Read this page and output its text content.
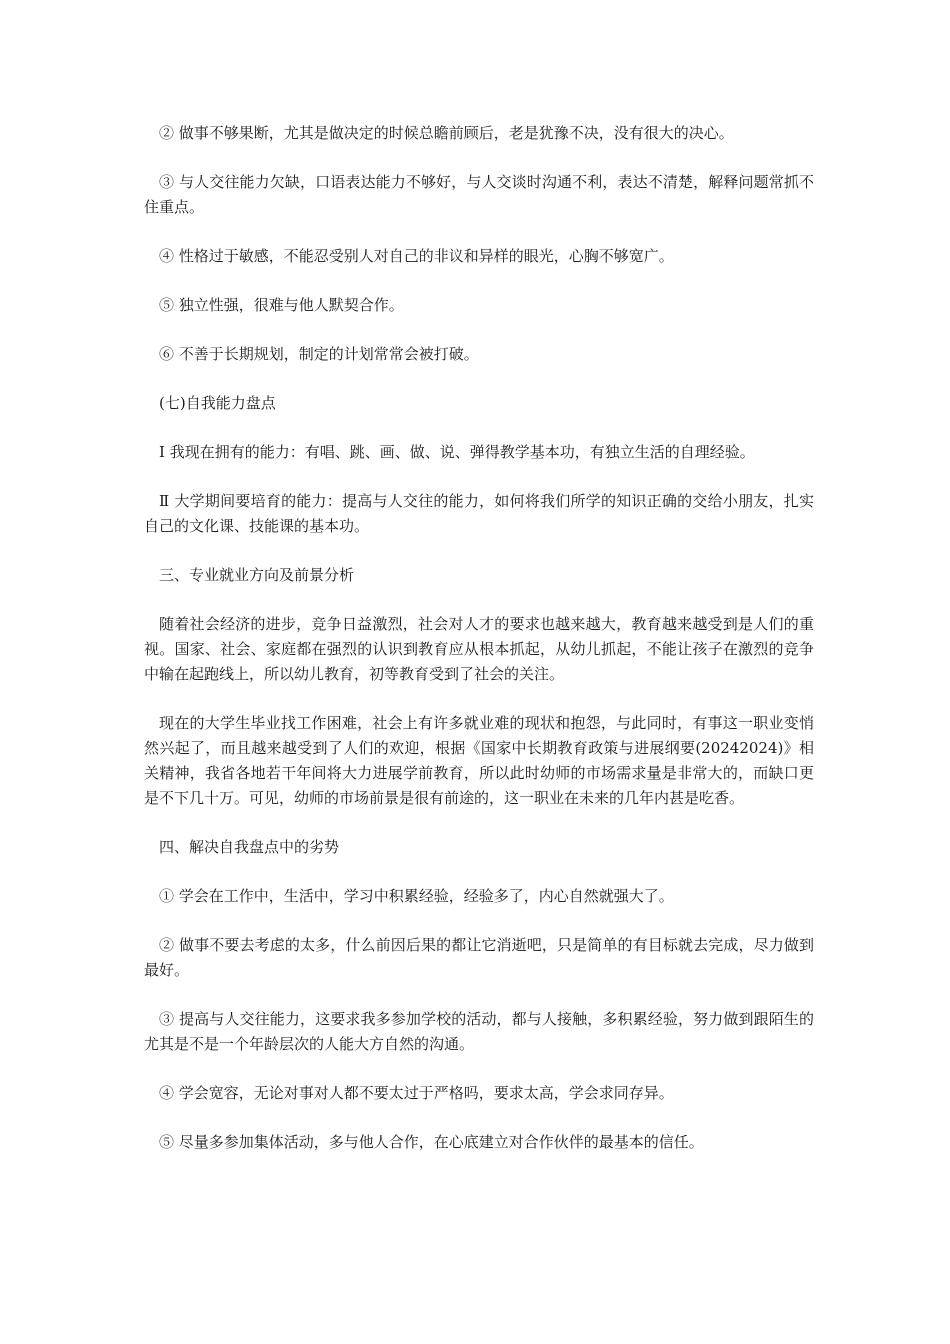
② 做事不够果断，尤其是做决定的时候总瞻前顾后，老是犹豫不决，没有很大的决心。

③ 与人交往能力欠缺，口语表达能力不够好，与人交谈时沟通不利，表达不清楚，解释问题常抓不住重点。

④ 性格过于敏感，不能忍受别人对自己的非议和异样的眼光，心胸不够宽广。

⑤ 独立性强，很难与他人默契合作。

⑥ 不善于长期规划，制定的计划常常会被打破。

(七)自我能力盘点

Ⅰ 我现在拥有的能力：有唱、跳、画、做、说、弹得教学基本功，有独立生活的自理经验。

Ⅱ 大学期间要培育的能力：提高与人交往的能力，如何将我们所学的知识正确的交给小朋友，扎实自己的文化课、技能课的基本功。

三、专业就业方向及前景分析

随着社会经济的进步，竞争日益激烈，社会对人才的要求也越来越大，教育越来越受到是人们的重视。国家、社会、家庭都在强烈的认识到教育应从根本抓起，从幼儿抓起，不能让孩子在激烈的竞争中输在起跑线上，所以幼儿教育，初等教育受到了社会的关注。

现在的大学生毕业找工作困难，社会上有许多就业难的现状和抱怨，与此同时，有事这一职业变悄然兴起了，而且越来越受到了人们的欢迎，根据《国家中长期教育政策与进展纲要(20242024)》相关精神，我省各地若干年间将大力进展学前教育，所以此时幼师的市场需求量是非常大的，而缺口更是不下几十万。可见，幼师的市场前景是很有前途的，这一职业在未来的几年内甚是吃香。

四、解决自我盘点中的劣势

① 学会在工作中，生活中，学习中积累经验，经验多了，内心自然就强大了。

② 做事不要去考虑的太多，什么前因后果的都让它消逝吧，只是简单的有目标就去完成，尽力做到最好。

③ 提高与人交往能力，这要求我多参加学校的活动，都与人接触，多积累经验，努力做到跟陌生的尤其是不是一个年龄层次的人能大方自然的沟通。

④ 学会宽容，无论对事对人都不要太过于严格吗，要求太高，学会求同存异。

⑤ 尽量多参加集体活动，多与他人合作，在心底建立对合作伙伴的最基本的信任。
